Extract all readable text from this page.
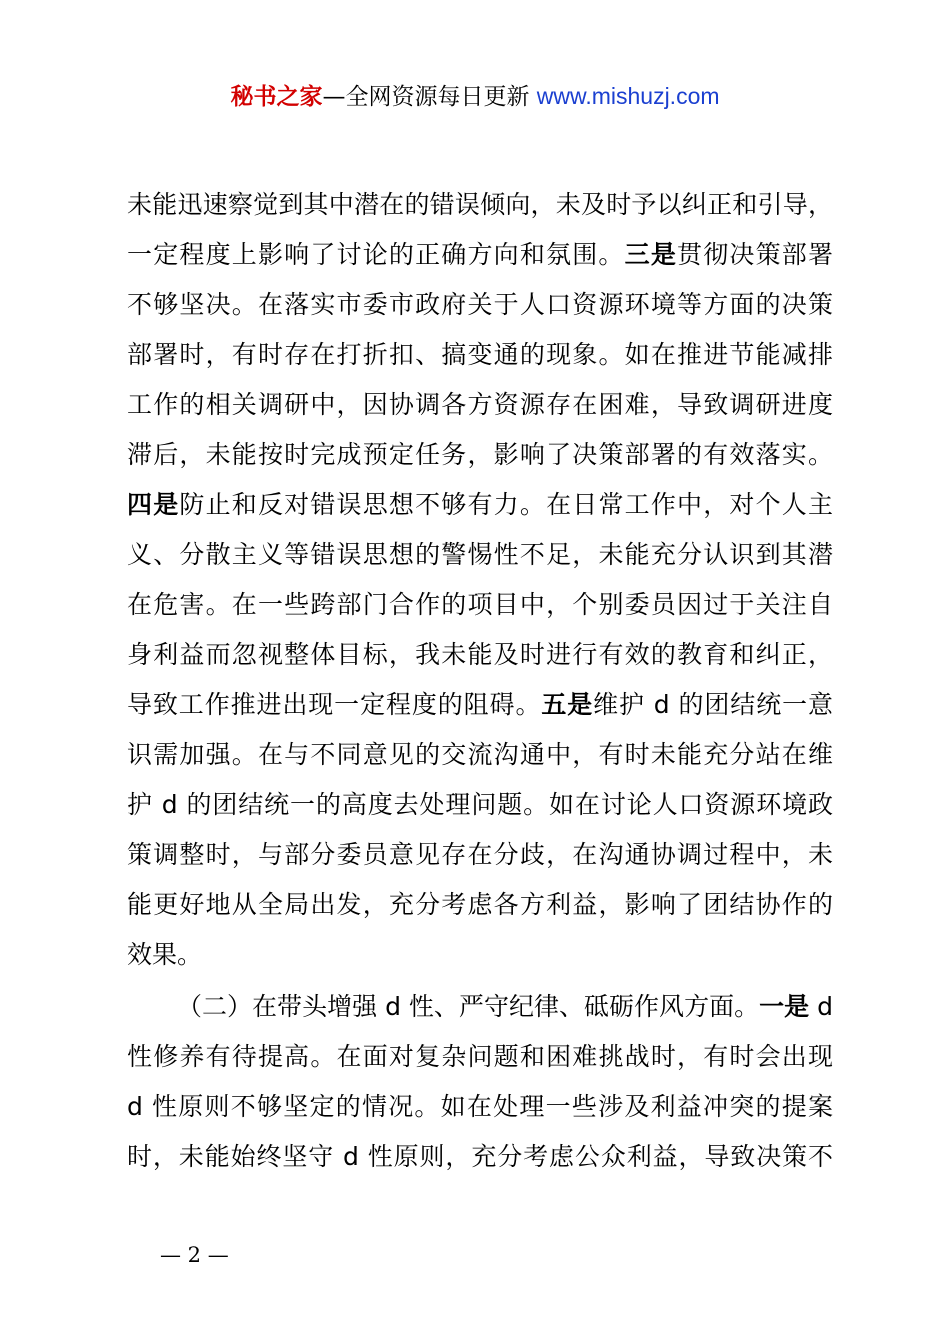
秘书之家—全网资源每日更新 www.mishuzj.com
未能迅速察觉到其中潜在的错误倾向，未及时予以纠正和引导，
一定程度上影响了讨论的正确方向和氛围。三是贯彻决策部署
不够坚决。在落实市委市政府关于人口资源环境等方面的决策
部署时，有时存在打折扣、搞变通的现象。如在推进节能减排
工作的相关调研中，因协调各方资源存在困难，导致调研进度
滞后，未能按时完成预定任务，影响了决策部署的有效落实。
四是防止和反对错误思想不够有力。在日常工作中，对个人主
义、分散主义等错误思想的警惕性不足，未能充分认识到其潜
在危害。在一些跨部门合作的项目中，个别委员因过于关注自
身利益而忽视整体目标，我未能及时进行有效的教育和纠正，
导致工作推进出现一定程度的阻碍。五是维护 d 的团结统一意
识需加强。在与不同意见的交流沟通中，有时未能充分站在维
护 d 的团结统一的高度去处理问题。如在讨论人口资源环境政
策调整时，与部分委员意见存在分歧，在沟通协调过程中，未
能更好地从全局出发，充分考虑各方利益，影响了团结协作的
效果。
（二）在带头增强 d 性、严守纪律、砥砺作风方面。一是 d
性修养有待提高。在面对复杂问题和困难挑战时，有时会出现
d 性原则不够坚定的情况。如在处理一些涉及利益冲突的提案
时，未能始终坚守 d 性原则，充分考虑公众利益，导致决策不
— 2 —
